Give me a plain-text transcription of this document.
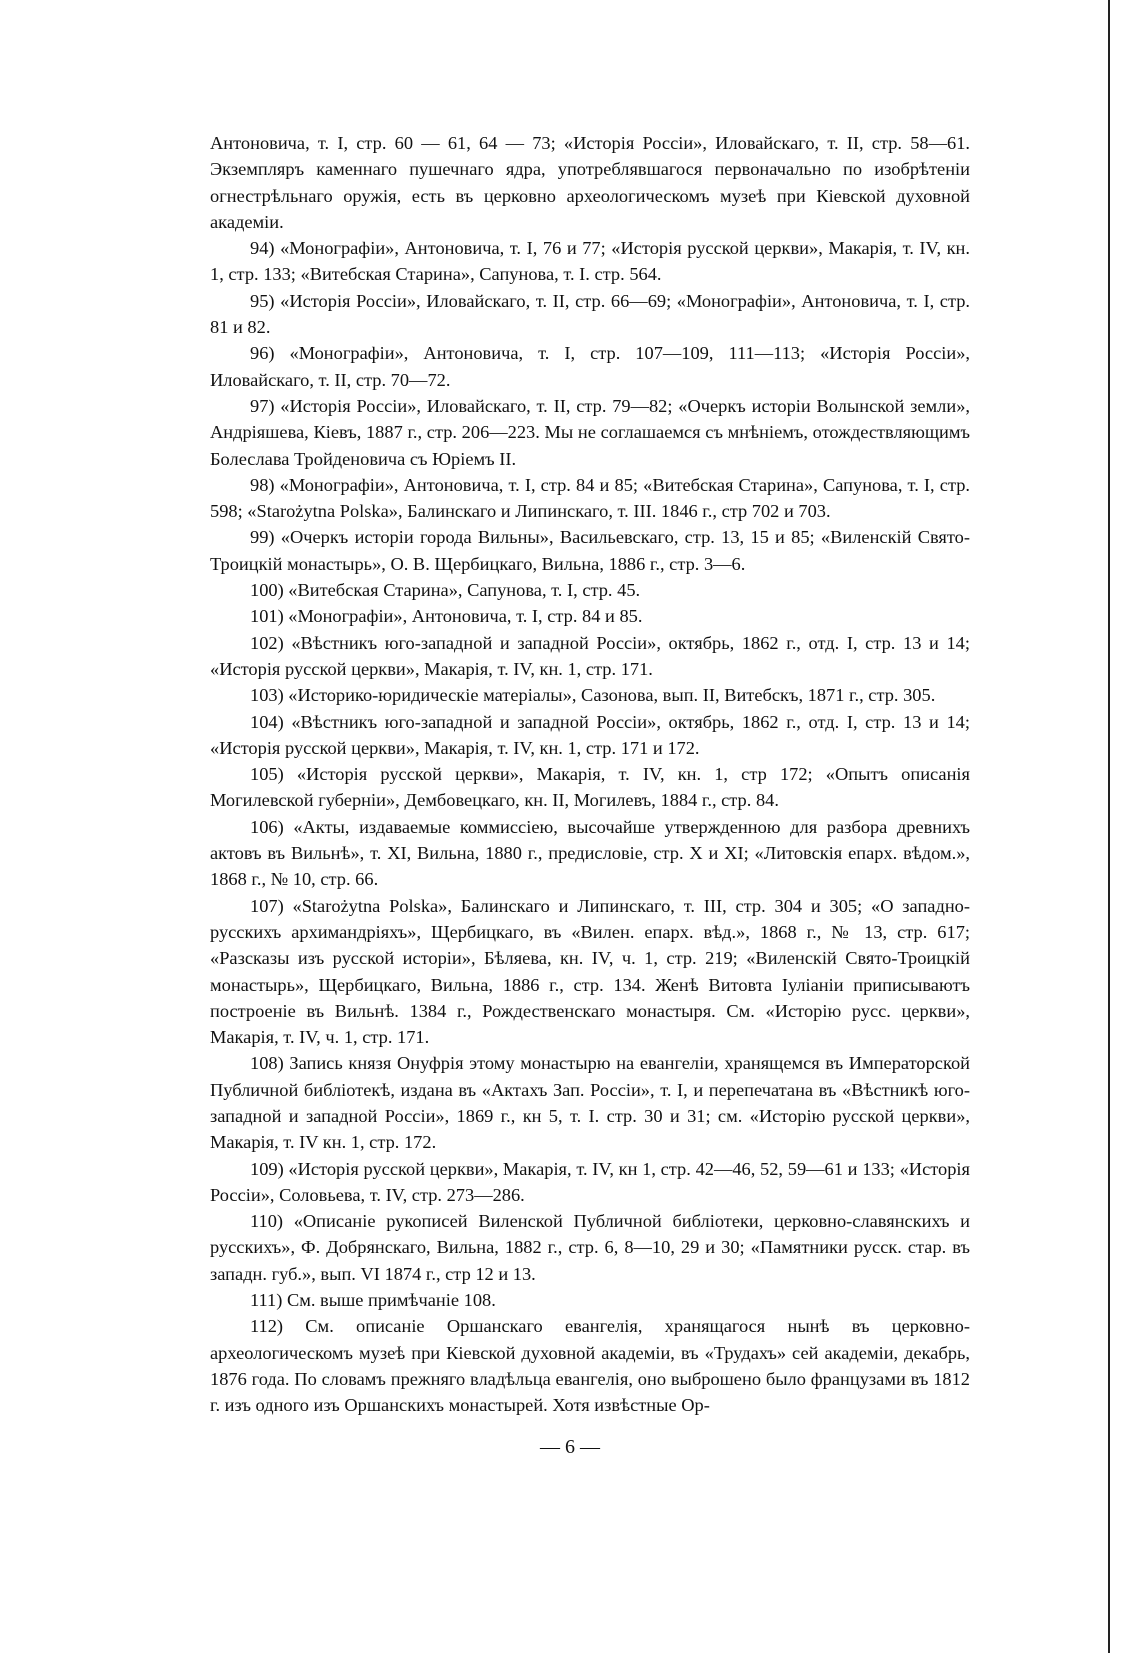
Антоновича, т. I, стр. 60 — 61, 64 — 73; «Исторія Россіи», Иловайскаго, т. II, стр. 58—61. Экземпляръ каменнаго пушечнаго ядра, употреблявшагося первоначально по изобрѣтеніи огнестрѣльнаго оружія, есть въ церковно археологическомъ музеѣ при Кіевской духовной академіи.

94) «Монографіи», Антоновича, т. I, 76 и 77; «Исторія русской церкви», Макарія, т. IV, кн. 1, стр. 133; «Витебская Старина», Сапунова, т. I. стр. 564.

95) «Исторія Россіи», Иловайскаго, т. II, стр. 66—69; «Монографіи», Антоновича, т. I, стр. 81 и 82.

96) «Монографіи», Антоновича, т. I, стр. 107—109, 111—113; «Исторія Россіи», Иловайскаго, т. II, стр. 70—72.

97) «Исторія Россіи», Иловайскаго, т. II, стр. 79—82; «Очеркъ исторіи Волынской земли», Андріяшева, Кіевъ, 1887 г., стр. 206—223. Мы не соглашаемся съ мнѣніемъ, отождествляющимъ Болеслава Тройденовича съ Юріемъ II.

98) «Монографіи», Антоновича, т. I, стр. 84 и 85; «Витебская Старина», Сапунова, т. I, стр. 598; «Starożytna Polska», Балинскаго и Липинскаго, т. III. 1846 г., стр 702 и 703.

99) «Очеркъ исторіи города Вильны», Васильевскаго, стр. 13, 15 и 85; «Виленскій Свято-Троицкій монастырь», О. В. Щербицкаго, Вильна, 1886 г., стр. 3—6.

100) «Витебская Старина», Сапунова, т. I, стр. 45.

101) «Монографіи», Антоновича, т. I, стр. 84 и 85.

102) «Вѣстникъ юго-западной и западной Россіи», октябрь, 1862 г., отд. I, стр. 13 и 14; «Исторія русской церкви», Макарія, т. IV, кн. 1, стр. 171.

103) «Историко-юридическіе матеріалы», Сазонова, вып. II, Витебскъ, 1871 г., стр. 305.

104) «Вѣстникъ юго-западной и западной Россіи», октябрь, 1862 г., отд. I, стр. 13 и 14; «Исторія русской церкви», Макарія, т. IV, кн. 1, стр. 171 и 172.

105) «Исторія русской церкви», Макарія, т. IV, кн. 1, стр 172; «Опытъ описанія Могилевской губерніи», Дембовецкаго, кн. II, Могилевъ, 1884 г., стр. 84.

106) «Акты, издаваемые коммиссіею, высочайше утвержденною для разбора древнихъ актовъ въ Вильнѣ», т. XI, Вильна, 1880 г., предисловіе, стр. X и XI; «Литовскія епарх. вѣдом.», 1868 г., № 10, стр. 66.

107) «Starożytna Polska», Балинскаго и Липинскаго, т. III, стр. 304 и 305; «О западно-русскихъ архимандріяхъ», Щербицкаго, въ «Вилен. епарх. вѣд.», 1868 г., № 13, стр. 617; «Разсказы изъ русской исторіи», Бѣляева, кн. IV, ч. 1, стр. 219; «Виленскій Свято-Троицкій монастырь», Щербицкаго, Вильна, 1886 г., стр. 134. Женѣ Витовта Іуліаніи приписываютъ построеніе въ Вильнѣ. 1384 г., Рождественскаго монастыря. См. «Исторію русс. церкви», Макарія, т. IV, ч. 1, стр. 171.

108) Запись князя Онуфрія этому монастырю на евангеліи, хранящемся въ Императорской Публичной библіотекѣ, издана въ «Актахъ Зап. Россіи», т. I, и перепечатана въ «Вѣстникѣ юго-западной и западной Россіи», 1869 г., кн 5, т. I. стр. 30 и 31; см. «Исторію русской церкви», Макарія, т. IV кн. 1, стр. 172.

109) «Исторія русской церкви», Макарія, т. IV, кн 1, стр. 42—46, 52, 59—61 и 133; «Исторія Россіи», Соловьева, т. IV, стр. 273—286.

110) «Описаніе рукописей Виленской Публичной библіотеки, церковно-славянскихъ и русскихъ», Ф. Добрянскаго, Вильна, 1882 г., стр. 6, 8—10, 29 и 30; «Памятники русск. стар. въ западн. губ.», вып. VI 1874 г., стр 12 и 13.

111) См. выше примѣчаніе 108.

112) См. описаніе Оршанскаго евангелія, хранящагося нынѣ въ церковно-археологическомъ музеѣ при Кіевской духовной академіи, въ «Трудахъ» сей академіи, декабрь, 1876 года. По словамъ прежняго владѣльца евангелія, оно выброшено было французами въ 1812 г. изъ одного изъ Оршанскихъ монастырей. Хотя извѣстные Ор-

— 6 —
